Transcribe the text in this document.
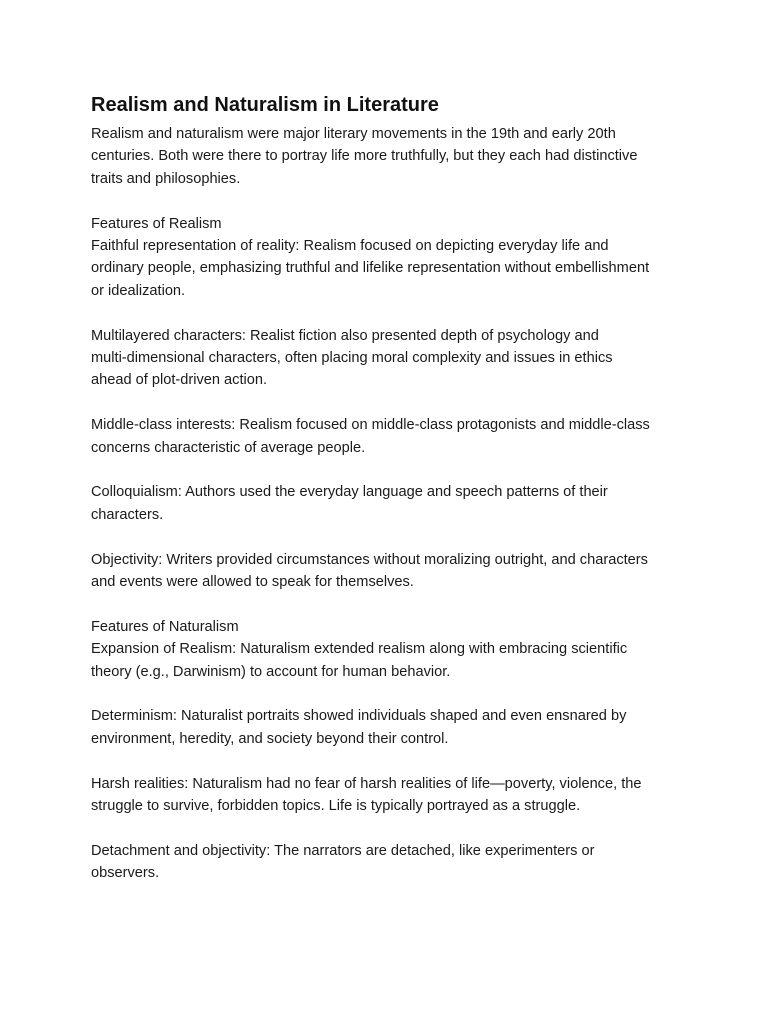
Realism and Naturalism in Literature

Realism and naturalism were major literary movements in the 19th and early 20th
centuries. Both were there to portray life more truthfully, but they each had distinctive
traits and philosophies.

Features of Realism
Faithful representation of reality: Realism focused on depicting everyday life and
ordinary people, emphasizing truthful and lifelike representation without embellishment
or idealization.

Multilayered characters: Realist fiction also presented depth of psychology and
multi-dimensional characters, often placing moral complexity and issues in ethics
ahead of plot-driven action.

Middle-class interests: Realism focused on middle-class protagonists and middle-class
concerns characteristic of average people.

Colloquialism: Authors used the everyday language and speech patterns of their
characters.

Objectivity: Writers provided circumstances without moralizing outright, and characters
and events were allowed to speak for themselves.

Features of Naturalism
Expansion of Realism: Naturalism extended realism along with embracing scientific
theory (e.g., Darwinism) to account for human behavior.

Determinism: Naturalist portraits showed individuals shaped and even ensnared by
environment, heredity, and society beyond their control.

Harsh realities: Naturalism had no fear of harsh realities of life—poverty, violence, the
struggle to survive, forbidden topics. Life is typically portrayed as a struggle.

Detachment and objectivity: The narrators are detached, like experimenters or
observers.
